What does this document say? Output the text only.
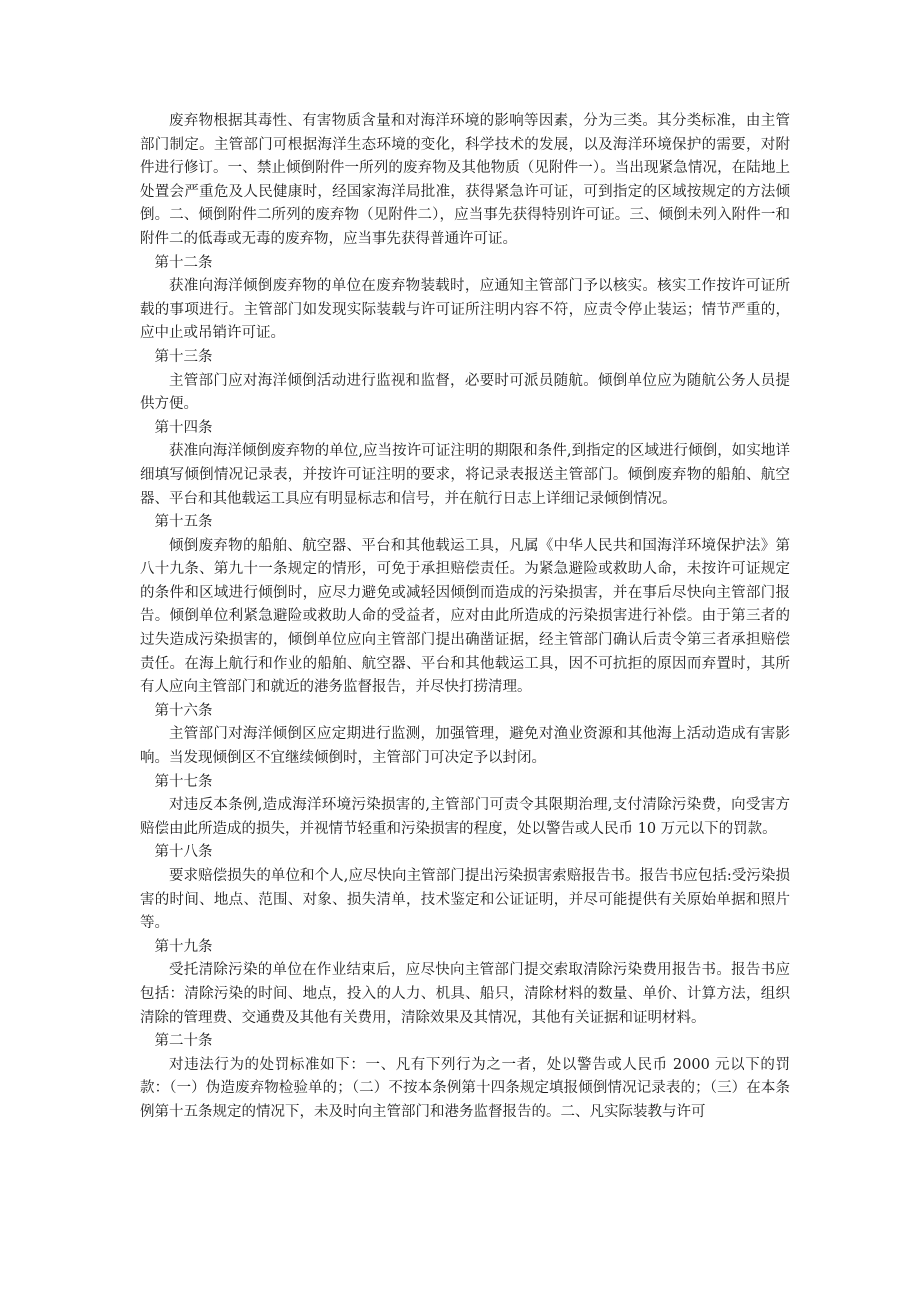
废弃物根据其毒性、有害物质含量和对海洋环境的影响等因素，分为三类。其分类标准，由主管部门制定。主管部门可根据海洋生态环境的变化，科学技术的发展，以及海洋环境保护的需要，对附件进行修订。一、禁止倾倒附件一所列的废弃物及其他物质（见附件一）。当出现紧急情况，在陆地上处置会严重危及人民健康时，经国家海洋局批准，获得紧急许可证，可到指定的区域按规定的方法倾倒。二、倾倒附件二所列的废弃物（见附件二），应当事先获得特别许可证。三、倾倒未列入附件一和附件二的低毒或无毒的废弃物，应当事先获得普通许可证。

第十二条

获准向海洋倾倒废弃物的单位在废弃物装载时，应通知主管部门予以核实。核实工作按许可证所载的事项进行。主管部门如发现实际装载与许可证所注明内容不符，应责令停止装运；情节严重的，应中止或吊销许可证。

第十三条

主管部门应对海洋倾倒活动进行监视和监督，必要时可派员随航。倾倒单位应为随航公务人员提供方便。

第十四条

获准向海洋倾倒废弃物的单位,应当按许可证注明的期限和条件,到指定的区域进行倾倒，如实地详细填写倾倒情况记录表，并按许可证注明的要求，将记录表报送主管部门。倾倒废弃物的船舶、航空器、平台和其他载运工具应有明显标志和信号，并在航行日志上详细记录倾倒情况。

第十五条

倾倒废弃物的船舶、航空器、平台和其他载运工具，凡属《中华人民共和国海洋环境保护法》第八十九条、第九十一条规定的情形，可免于承担赔偿责任。为紧急避险或救助人命，未按许可证规定的条件和区域进行倾倒时，应尽力避免或减轻因倾倒而造成的污染损害，并在事后尽快向主管部门报告。倾倒单位利紧急避险或救助人命的受益者，应对由此所造成的污染损害进行补偿。由于第三者的过失造成污染损害的，倾倒单位应向主管部门提出确凿证据，经主管部门确认后责令第三者承担赔偿责任。在海上航行和作业的船舶、航空器、平台和其他载运工具，因不可抗拒的原因而弃置时，其所有人应向主管部门和就近的港务监督报告，并尽快打捞清理。

第十六条

主管部门对海洋倾倒区应定期进行监测，加强管理，避免对渔业资源和其他海上活动造成有害影响。当发现倾倒区不宜继续倾倒时，主管部门可决定予以封闭。

第十七条

对违反本条例,造成海洋环境污染损害的,主管部门可责令其限期治理,支付清除污染费，向受害方赔偿由此所造成的损失，并视情节轻重和污染损害的程度，处以警告或人民币 10 万元以下的罚款。

第十八条

要求赔偿损失的单位和个人,应尽快向主管部门提出污染损害索赔报告书。报告书应包括:受污染损害的时间、地点、范围、对象、损失清单，技术鉴定和公证证明，并尽可能提供有关原始单据和照片等。

第十九条

受托清除污染的单位在作业结束后，应尽快向主管部门提交索取清除污染费用报告书。报告书应包括：清除污染的时间、地点，投入的人力、机具、船只，清除材料的数量、单价、计算方法，组织清除的管理费、交通费及其他有关费用，清除效果及其情况，其他有关证据和证明材料。

第二十条

对违法行为的处罚标准如下：一、凡有下列行为之一者，处以警告或人民币 2000 元以下的罚款：（一）伪造废弃物检验单的；（二）不按本条例第十四条规定填报倾倒情况记录表的；（三）在本条例第十五条规定的情况下，未及时向主管部门和港务监督报告的。二、凡实际装教与许可
